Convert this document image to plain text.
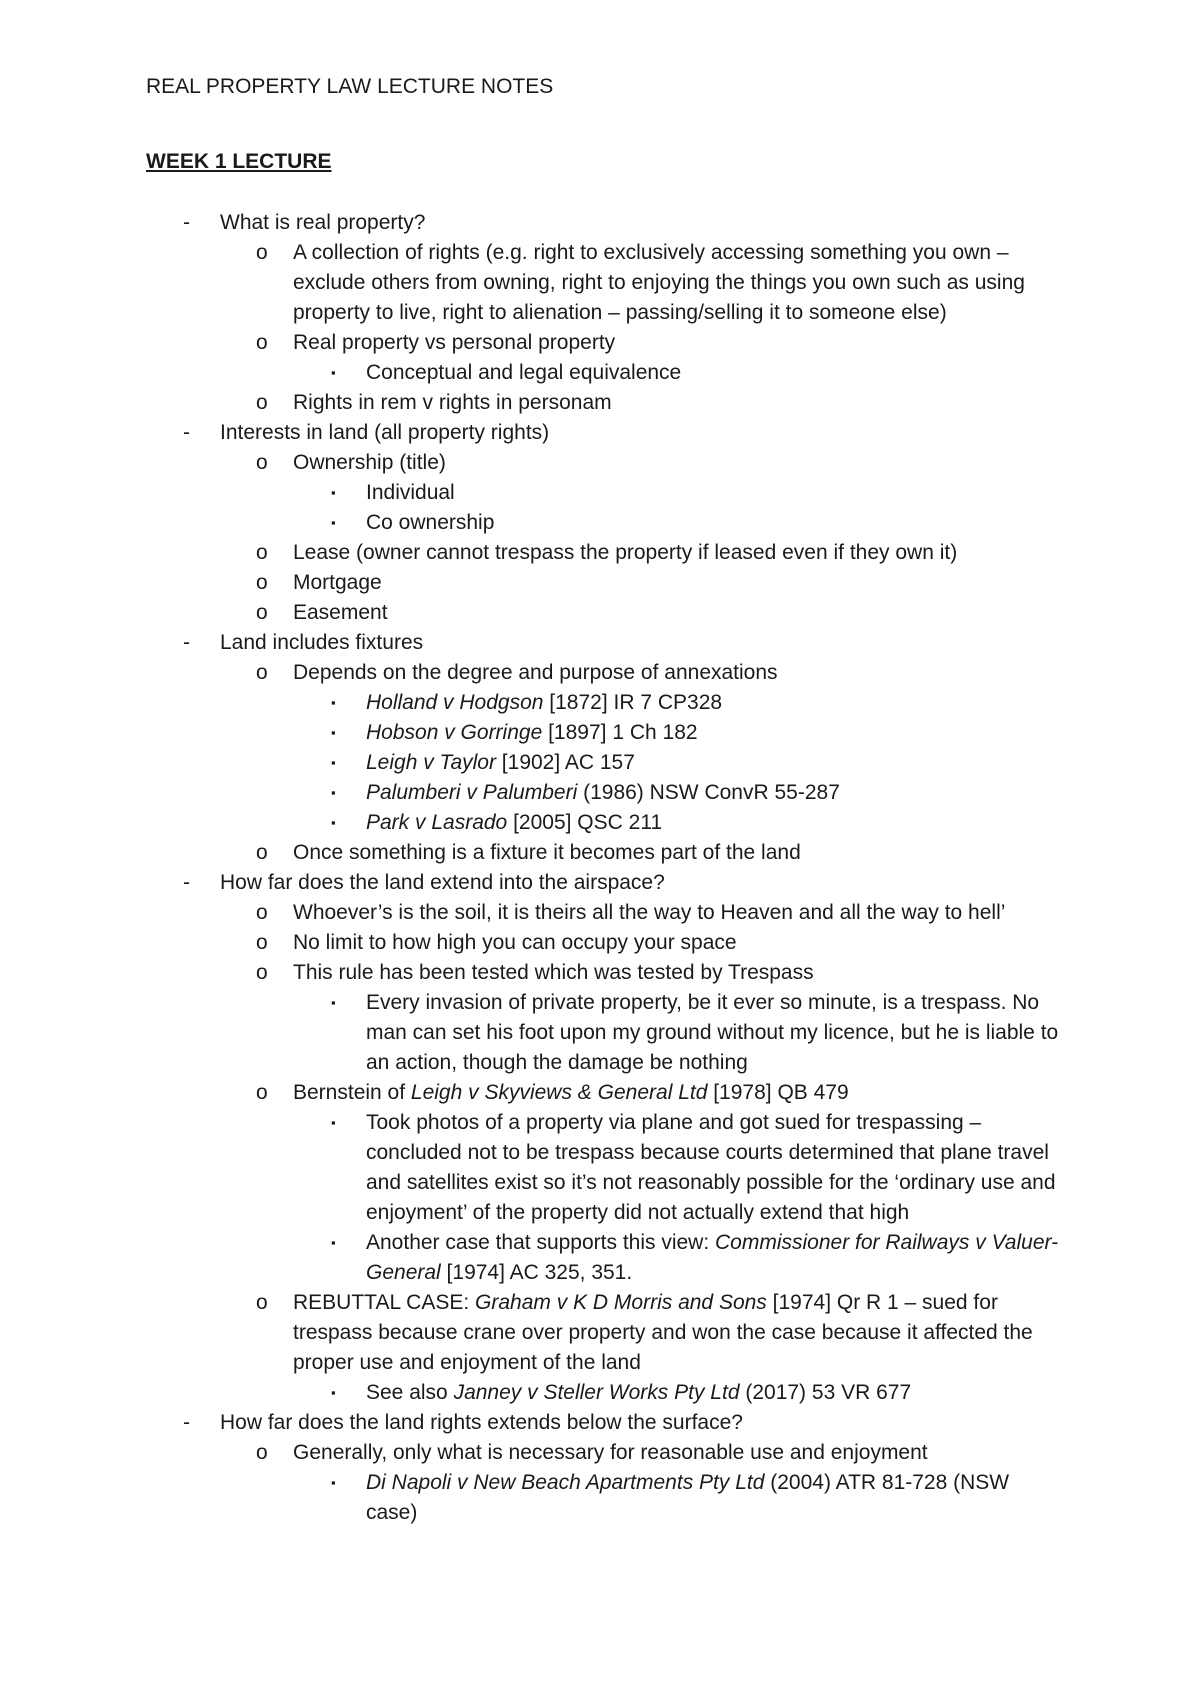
REAL PROPERTY LAW LECTURE NOTES
WEEK 1 LECTURE
- What is real property?
o A collection of rights (e.g. right to exclusively accessing something you own – exclude others from owning, right to enjoying the things you own such as using property to live, right to alienation – passing/selling it to someone else)
o Real property vs personal property
▪ Conceptual and legal equivalence
o Rights in rem v rights in personam
- Interests in land (all property rights)
o Ownership (title)
▪ Individual
▪ Co ownership
o Lease (owner cannot trespass the property if leased even if they own it)
o Mortgage
o Easement
- Land includes fixtures
o Depends on the degree and purpose of annexations
▪ Holland v Hodgson [1872] IR 7 CP328
▪ Hobson v Gorringe [1897] 1 Ch 182
▪ Leigh v Taylor [1902] AC 157
▪ Palumberi v Palumberi (1986) NSW ConvR 55-287
▪ Park v Lasrado [2005] QSC 211
o Once something is a fixture it becomes part of the land
- How far does the land extend into the airspace?
o Whoever’s is the soil, it is theirs all the way to Heaven and all the way to hell’
o No limit to how high you can occupy your space
o This rule has been tested which was tested by Trespass
▪ Every invasion of private property, be it ever so minute, is a trespass. No man can set his foot upon my ground without my licence, but he is liable to an action, though the damage be nothing
o Bernstein of Leigh v Skyviews & General Ltd [1978] QB 479
▪ Took photos of a property via plane and got sued for trespassing – concluded not to be trespass because courts determined that plane travel and satellites exist so it’s not reasonably possible for the ‘ordinary use and enjoyment’ of the property did not actually extend that high
▪ Another case that supports this view: Commissioner for Railways v Valuer-General [1974] AC 325, 351.
o REBUTTAL CASE: Graham v K D Morris and Sons [1974] Qr R 1 – sued for trespass because crane over property and won the case because it affected the proper use and enjoyment of the land
▪ See also Janney v Steller Works Pty Ltd (2017) 53 VR 677
- How far does the land rights extends below the surface?
o Generally, only what is necessary for reasonable use and enjoyment
▪ Di Napoli v New Beach Apartments Pty Ltd (2004) ATR 81-728 (NSW case)
